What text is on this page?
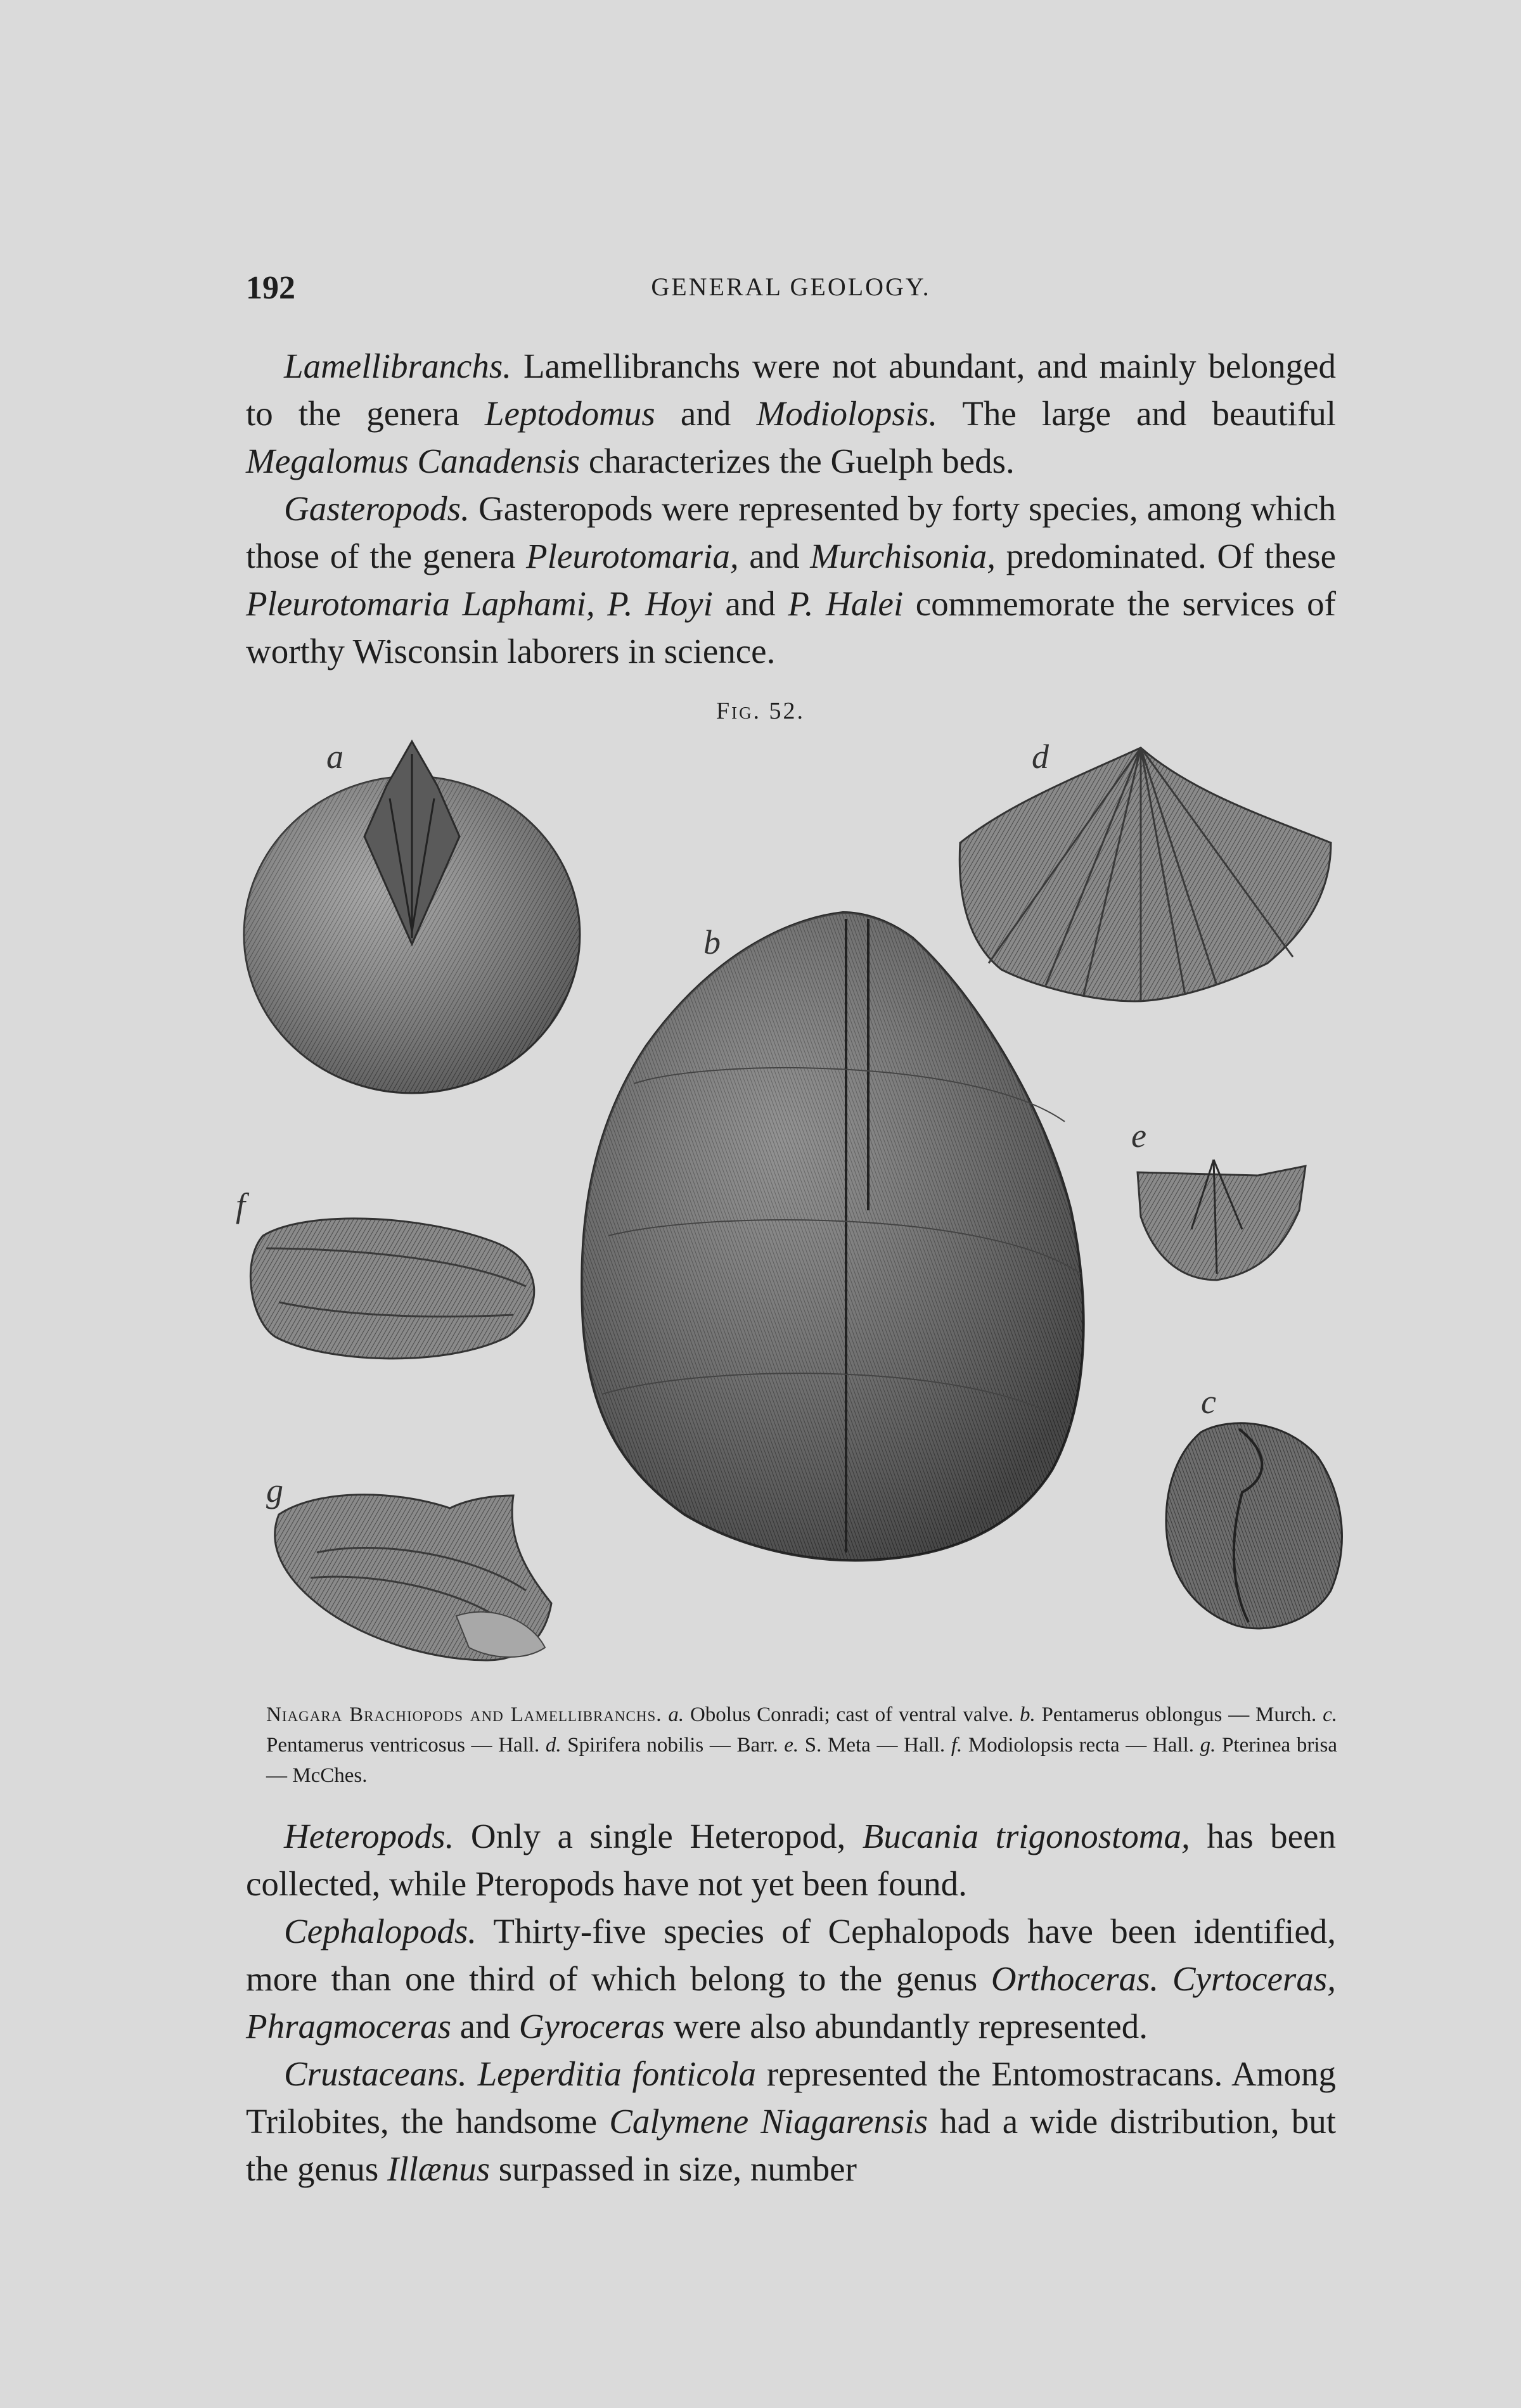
192	GENERAL GEOLOGY.

Lamellibranchs. Lamellibranchs were not abundant, and mainly belonged to the genera Leptodomus and Modiolopsis. The large and beautiful Megalomus Canadensis characterizes the Guelph beds.

Gasteropods. Gasteropods were represented by forty species, among which those of the genera Pleurotomaria, and Murchisonia, predominated. Of these Pleurotomaria Laphami, P. Hoyi and P. Halei commemorate the services of worthy Wisconsin laborers in science.

Fig. 52.
a	d
b
e
f
c
g
Niagara Brachiopods and Lamellibranchs. a. Obolus Conradi; cast of ventral valve. b. Pentamerus oblongus — Murch. c. Pentamerus ventricosus — Hall. d. Spirifera nobilis — Barr. e. S. Meta — Hall. f. Modiolopsis recta — Hall. g. Pterinea brisa — McChes.

Heteropods. Only a single Heteropod, Bucania trigonostoma, has been collected, while Pteropods have not yet been found.

Cephalopods. Thirty-five species of Cephalopods have been identified, more than one third of which belong to the genus Orthoceras. Cyrtoceras, Phragmoceras and Gyroceras were also abundantly represented.

Crustaceans. Leperditia fonticola represented the Entomostracans. Among Trilobites, the handsome Calymene Niagarensis had a wide distribution, but the genus Illænus surpassed in size, number
